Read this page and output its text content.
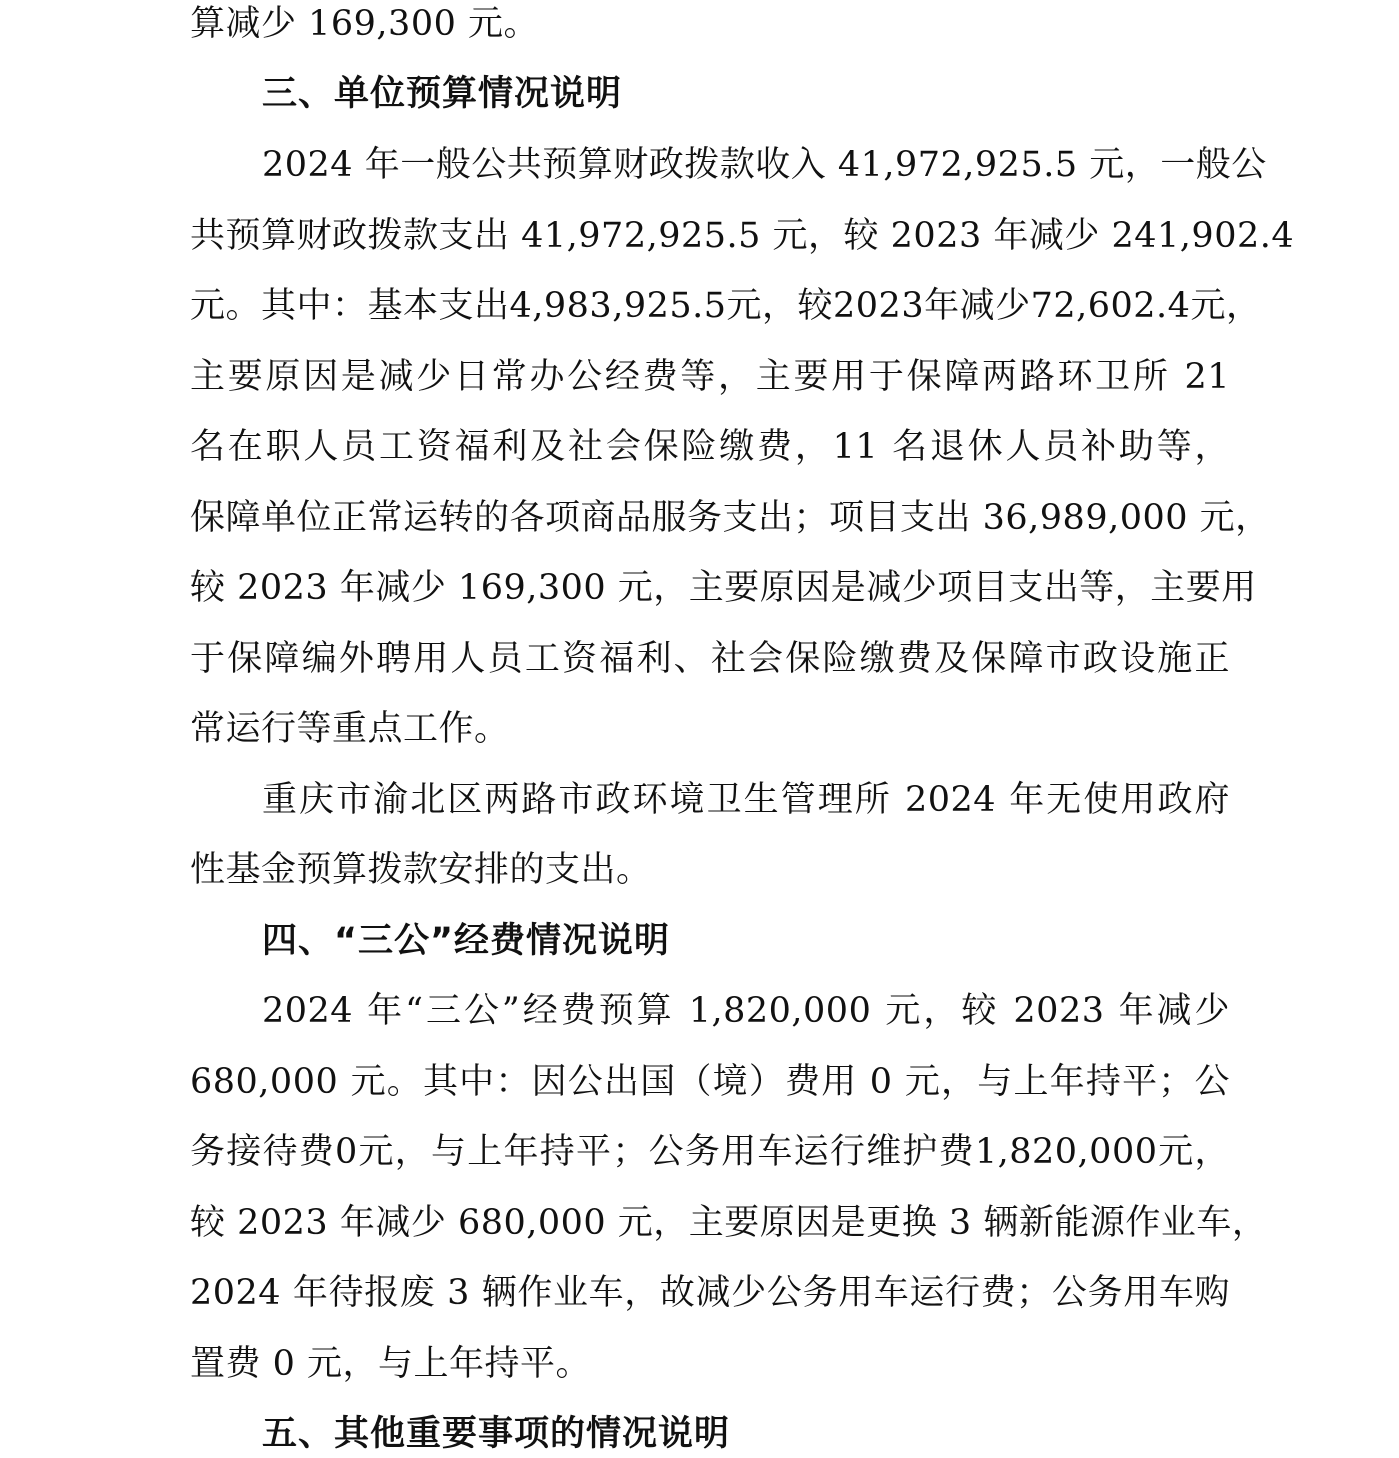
算减少 169,300 元。
三、单位预算情况说明
2024 年一般公共预算财政拨款收入 41,972,925.5 元，一般公
共预算财政拨款支出 41,972,925.5 元，较 2023 年减少 241,902.4
元。其中：基本支出4,983,925.5元，较2023年减少72,602.4元，
主要原因是减少日常办公经费等，主要用于保障两路环卫所 21
名在职人员工资福利及社会保险缴费，11 名退休人员补助等，
保障单位正常运转的各项商品服务支出；项目支出 36,989,000 元，
较 2023 年减少 169,300 元，主要原因是减少项目支出等，主要用
于保障编外聘用人员工资福利、社会保险缴费及保障市政设施正
常运行等重点工作。
重庆市渝北区两路市政环境卫生管理所 2024 年无使用政府
性基金预算拨款安排的支出。
四、“三公”经费情况说明
2024 年“三公”经费预算 1,820,000 元，较 2023 年减少
680,000 元。其中：因公出国（境）费用 0 元，与上年持平；公
务接待费0元，与上年持平；公务用车运行维护费1,820,000元，
较 2023 年减少 680,000 元，主要原因是更换 3 辆新能源作业车，
2024 年待报废 3 辆作业车，故减少公务用车运行费；公务用车购
置费 0 元，与上年持平。
五、其他重要事项的情况说明
